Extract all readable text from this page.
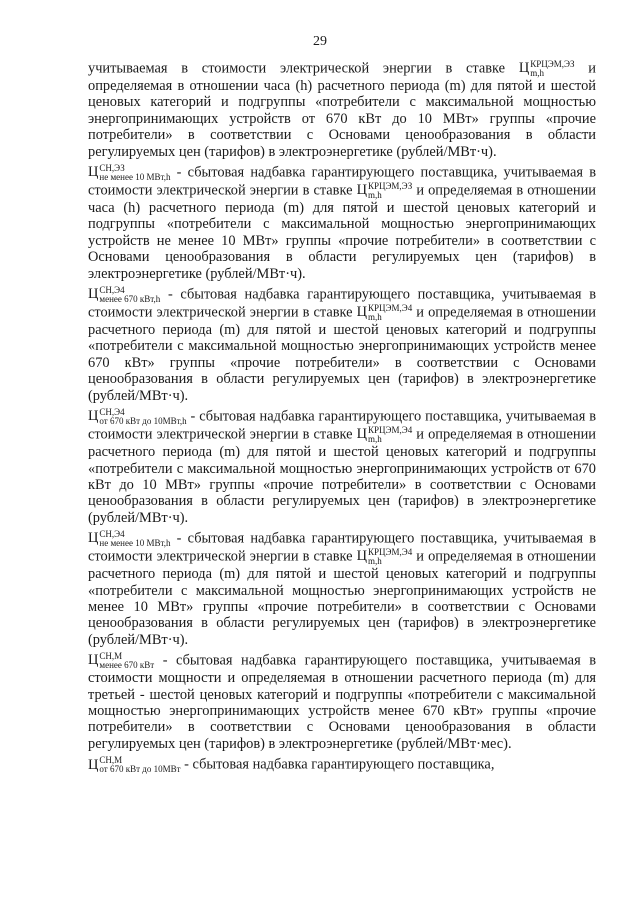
29

учитываемая в стоимости электрической энергии в ставке Ц КРЦЭМ,ЭЗ
m,h	и определяемая в отношении часа (h) расчетного периода (m) для пятой и шестой ценовых категорий и подгруппы «потребители с максимальной мощностью энергопринимающих устройств от 670 кВт до 10 МВт» группы «прочие потребители» в соответствии с Основами ценообразования в области регулируемых цен (тарифов) в электроэнергетике (рублей/МВт·ч).

Ц СН,ЭЗ
не менее 10 МВт,h - сбытовая надбавка гарантирующего поставщика, учитываемая в стоимости электрической энергии в ставке Ц КРЦЭМ,ЭЗ
m,h	и определяемая в отношении часа (h) расчетного периода (m) для пятой и шестой ценовых категорий и подгруппы «потребители с максимальной мощностью энергопринимающих устройств не менее 10 МВт» группы «прочие потребители» в соответствии с Основами ценообразования в области регулируемых цен (тарифов) в электроэнергетике (рублей/МВт·ч).

Ц СН,Э4
менее 670 кВт,h - сбытовая надбавка гарантирующего поставщика, учитываемая в стоимости электрической энергии в ставке Ц КРЦЭМ,Э4
m,h	и определяемая в отношении расчетного периода (m) для пятой и шестой ценовых категорий и подгруппы «потребители с максимальной мощностью энергопринимающих устройств менее 670 кВт» группы «прочие потребители» в соответствии с Основами ценообразования в области регулируемых цен (тарифов) в электроэнергетике (рублей/МВт·ч).

Ц СН,Э4
от 670 кВт до 10МВт,h - сбытовая надбавка гарантирующего поставщика, учитываемая в стоимости электрической энергии в ставке Ц КРЦЭМ,Э4
m,h	и определяемая в отношении расчетного периода (m) для пятой и шестой ценовых категорий и подгруппы «потребители с максимальной мощностью энергопринимающих устройств от 670 кВт до 10 МВт» группы «прочие потребители» в соответствии с Основами ценообразования в области регулируемых цен (тарифов) в электроэнергетике (рублей/МВт·ч).

Ц СН,Э4
не менее 10 МВт,h - сбытовая надбавка гарантирующего поставщика, учитываемая в стоимости электрической энергии в ставке Ц КРЦЭМ,Э4
m,h	и определяемая в отношении расчетного периода (m) для пятой и шестой ценовых категорий и подгруппы «потребители с максимальной мощностью энергопринимающих устройств не менее 10 МВт» группы «прочие потребители» в соответствии с Основами ценообразования в области регулируемых цен (тарифов) в электроэнергетике (рублей/МВт·ч).

Ц СН,М
менее 670 кВт - сбытовая надбавка гарантирующего поставщика, учитываемая в стоимости мощности и определяемая в отношении расчетного периода (m) для третьей - шестой ценовых категорий и подгруппы «потребители с максимальной мощностью энергопринимающих устройств менее 670 кВт» группы «прочие потребители» в соответствии с Основами ценообразования в области регулируемых цен (тарифов) в электроэнергетике (рублей/МВт·мес).

Ц СН,М
от 670 кВт до 10МВт - сбытовая надбавка гарантирующего поставщика,
